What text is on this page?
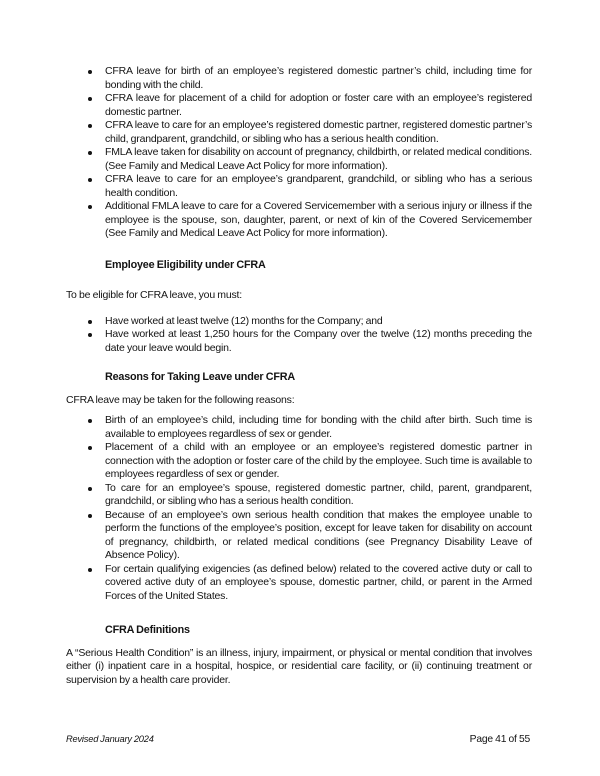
CFRA leave for birth of an employee’s registered domestic partner’s child, including time for bonding with the child.
CFRA leave for placement of a child for adoption or foster care with an employee’s registered domestic partner.
CFRA leave to care for an employee’s registered domestic partner, registered domestic partner’s child, grandparent, grandchild, or sibling who has a serious health condition.
FMLA leave taken for disability on account of pregnancy, childbirth, or related medical conditions. (See Family and Medical Leave Act Policy for more information).
CFRA leave to care for an employee’s grandparent, grandchild, or sibling who has a serious health condition.
Additional FMLA leave to care for a Covered Servicemember with a serious injury or illness if the employee is the spouse, son, daughter, parent, or next of kin of the Covered Servicemember (See Family and Medical Leave Act Policy for more information).
Employee Eligibility under CFRA

To be eligible for CFRA leave, you must:

Have worked at least twelve (12) months for the Company; and
Have worked at least 1,250 hours for the Company over the twelve (12) months preceding the date your leave would begin.
Reasons for Taking Leave under CFRA

CFRA leave may be taken for the following reasons:

Birth of an employee’s child, including time for bonding with the child after birth. Such time is available to employees regardless of sex or gender.
Placement of a child with an employee or an employee’s registered domestic partner in connection with the adoption or foster care of the child by the employee. Such time is available to employees regardless of sex or gender.
To care for an employee’s spouse, registered domestic partner, child, parent, grandparent, grandchild, or sibling who has a serious health condition.
Because of an employee’s own serious health condition that makes the employee unable to perform the functions of the employee’s position, except for leave taken for disability on account of pregnancy, childbirth, or related medical conditions (see Pregnancy Disability Leave of Absence Policy).
For certain qualifying exigencies (as defined below) related to the covered active duty or call to covered active duty of an employee’s spouse, domestic partner, child, or parent in the Armed Forces of the United States.
CFRA Definitions

A “Serious Health Condition” is an illness, injury, impairment, or physical or mental condition that involves either (i) inpatient care in a hospital, hospice, or residential care facility, or (ii) continuing treatment or supervision by a health care provider.

Revised January 2024	Page 41 of 55
